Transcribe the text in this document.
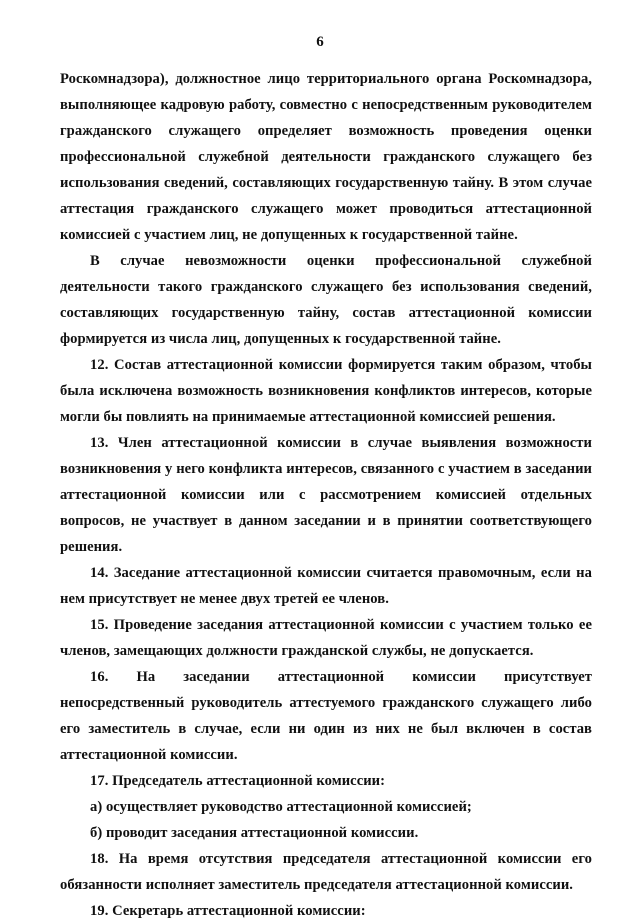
6

Роскомнадзора), должностное лицо территориального органа Роскомнадзора, выполняющее кадровую работу, совместно с непосредственным руководителем гражданского служащего определяет возможность проведения оценки профессиональной служебной деятельности гражданского служащего без использования сведений, составляющих государственную тайну. В этом случае аттестация гражданского служащего может проводиться аттестационной комиссией с участием лиц, не допущенных к государственной тайне.

В случае невозможности оценки профессиональной служебной деятельности такого гражданского служащего без использования сведений, составляющих государственную тайну, состав аттестационной комиссии формируется из числа лиц, допущенных к государственной тайне.

12. Состав аттестационной комиссии формируется таким образом, чтобы была исключена возможность возникновения конфликтов интересов, которые могли бы повлиять на принимаемые аттестационной комиссией решения.

13. Член аттестационной комиссии в случае выявления возможности возникновения у него конфликта интересов, связанного с участием в заседании аттестационной комиссии или с рассмотрением комиссией отдельных вопросов, не участвует в данном заседании и в принятии соответствующего решения.

14. Заседание аттестационной комиссии считается правомочным, если на нем присутствует не менее двух третей ее членов.

15. Проведение заседания аттестационной комиссии с участием только ее членов, замещающих должности гражданской службы, не допускается.

16. На заседании аттестационной комиссии присутствует непосредственный руководитель аттестуемого гражданского служащего либо его заместитель в случае, если ни один из них не был включен в состав аттестационной комиссии.

17. Председатель аттестационной комиссии:

а) осуществляет руководство аттестационной комиссией;

б) проводит заседания аттестационной комиссии.

18. На время отсутствия председателя аттестационной комиссии его обязанности исполняет заместитель председателя аттестационной комиссии.

19. Секретарь аттестационной комиссии:
